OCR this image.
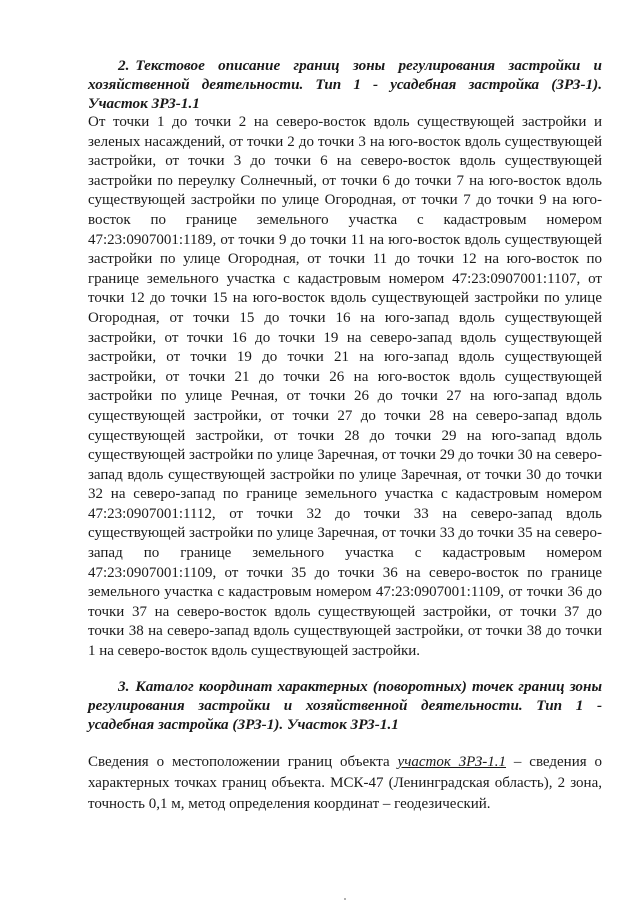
2. Текстовое описание границ зоны регулирования застройки и хозяйственной деятельности. Тип 1 - усадебная застройка (ЗРЗ-1). Участок ЗРЗ-1.1

От точки 1 до точки 2 на северо-восток вдоль существующей застройки и зеленых насаждений, от точки 2 до точки 3 на юго-восток вдоль существующей застройки, от точки 3 до точки 6 на северо-восток вдоль существующей застройки по переулку Солнечный, от точки 6 до точки 7 на юго-восток вдоль существующей застройки по улице Огородная, от точки 7 до точки 9 на юго-восток по границе земельного участка с кадастровым номером 47:23:0907001:1189, от точки 9 до точки 11 на юго-восток вдоль существующей застройки по улице Огородная, от точки 11 до точки 12 на юго-восток по границе земельного участка с кадастровым номером 47:23:0907001:1107, от точки 12 до точки 15 на юго-восток вдоль существующей застройки по улице Огородная, от точки 15 до точки 16 на юго-запад вдоль существующей застройки, от точки 16 до точки 19 на северо-запад вдоль существующей застройки, от точки 19 до точки 21 на юго-запад вдоль существующей застройки, от точки 21 до точки 26 на юго-восток вдоль существующей застройки по улице Речная, от точки 26 до точки 27 на юго-запад вдоль существующей застройки, от точки 27 до точки 28 на северо-запад вдоль существующей застройки, от точки 28 до точки 29 на юго-запад вдоль существующей застройки по улице Заречная, от точки 29 до точки 30 на северо-запад вдоль существующей застройки по улице Заречная, от точки 30 до точки 32 на северо-запад по границе земельного участка с кадастровым номером 47:23:0907001:1112, от точки 32 до точки 33 на северо-запад вдоль существующей застройки по улице Заречная, от точки 33 до точки 35 на северо-запад по границе земельного участка с кадастровым номером 47:23:0907001:1109, от точки 35 до точки 36 на северо-восток по границе земельного участка с кадастровым номером 47:23:0907001:1109, от точки 36 до точки 37 на северо-восток вдоль существующей застройки, от точки 37 до точки 38 на северо-запад вдоль существующей застройки, от точки 38 до точки 1 на северо-восток вдоль существующей застройки.

3. Каталог координат характерных (поворотных) точек границ зоны регулирования застройки и хозяйственной деятельности. Тип 1 - усадебная застройка (ЗРЗ-1). Участок ЗРЗ-1.1

Сведения о местоположении границ объекта участок ЗРЗ-1.1 – сведения о характерных точках границ объекта. МСК-47 (Ленинградская область), 2 зона, точность 0,1 м, метод определения координат – геодезический.
